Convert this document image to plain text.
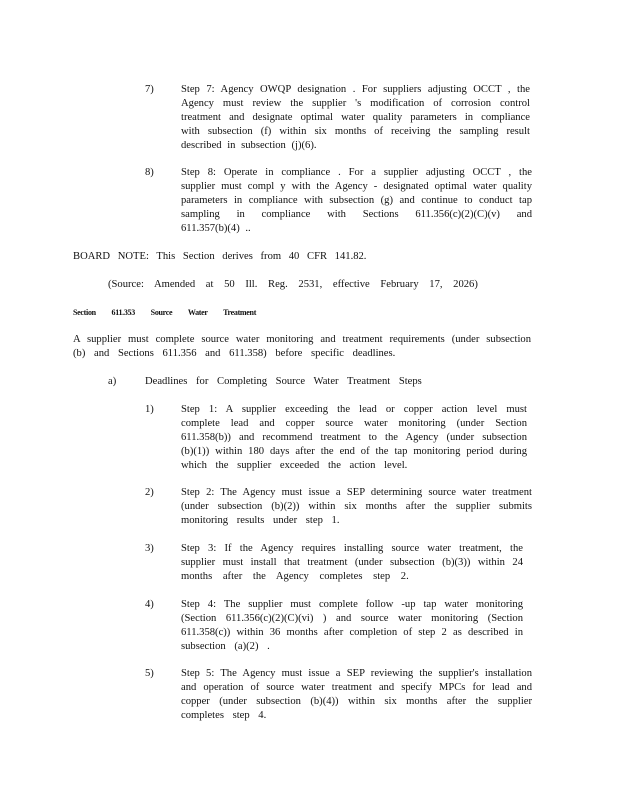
7)	Step 7: Agency OWQP designation . For suppliers adjusting OCCT , the
Agency must review the supplier 's modification of corrosion control
treatment and designate optimal water quality parameters in compliance
with subsection (f) within six months of receiving the sampling result
described in subsection (j)(6).
8)	Step 8: Operate in compliance . For a supplier adjusting OCCT , the
supplier must compl y with the Agency - designated optimal water quality
parameters in compliance with subsection (g) and continue to conduct tap
sampling in compliance with Sections 611.356(c)(2)(C)(v) and
611.357(b)(4) ..
BOARD NOTE: This Section derives from 40 CFR 141.82.
(Source: Amended at 50 Ill. Reg. 2531, effective February 17, 2026)
Section 611.353 Source Water Treatment
A supplier must complete source water monitoring and treatment requirements (under subsection
(b) and Sections 611.356 and 611.358) before specific deadlines.
a)	Deadlines for Completing Source Water Treatment Steps
1)	Step 1: A supplier exceeding the lead or copper action level must
complete lead and copper source water monitoring (under Section
611.358(b)) and recommend treatment to the Agency (under subsection
(b)(1)) within 180 days after the end of the tap monitoring period during
which the supplier exceeded the action level.
2)	Step 2: The Agency must issue a SEP determining source water treatment
(under subsection (b)(2)) within six months after the supplier submits
monitoring results under step 1.
3)	Step 3: If the Agency requires installing source water treatment, the
supplier must install that treatment (under subsection (b)(3)) within 24
months after the Agency completes step 2.
4)	Step 4: The supplier must complete follow -up tap water monitoring
(Section 611.356(c)(2)(C)(vi) ) and source water monitoring (Section
611.358(c)) within 36 months after completion of step 2 as described in
subsection (a)(2) .
5)	Step 5: The Agency must issue a SEP reviewing the supplier's installation
and operation of source water treatment and specify MPCs for lead and
copper (under subsection (b)(4)) within six months after the supplier
completes step 4.
